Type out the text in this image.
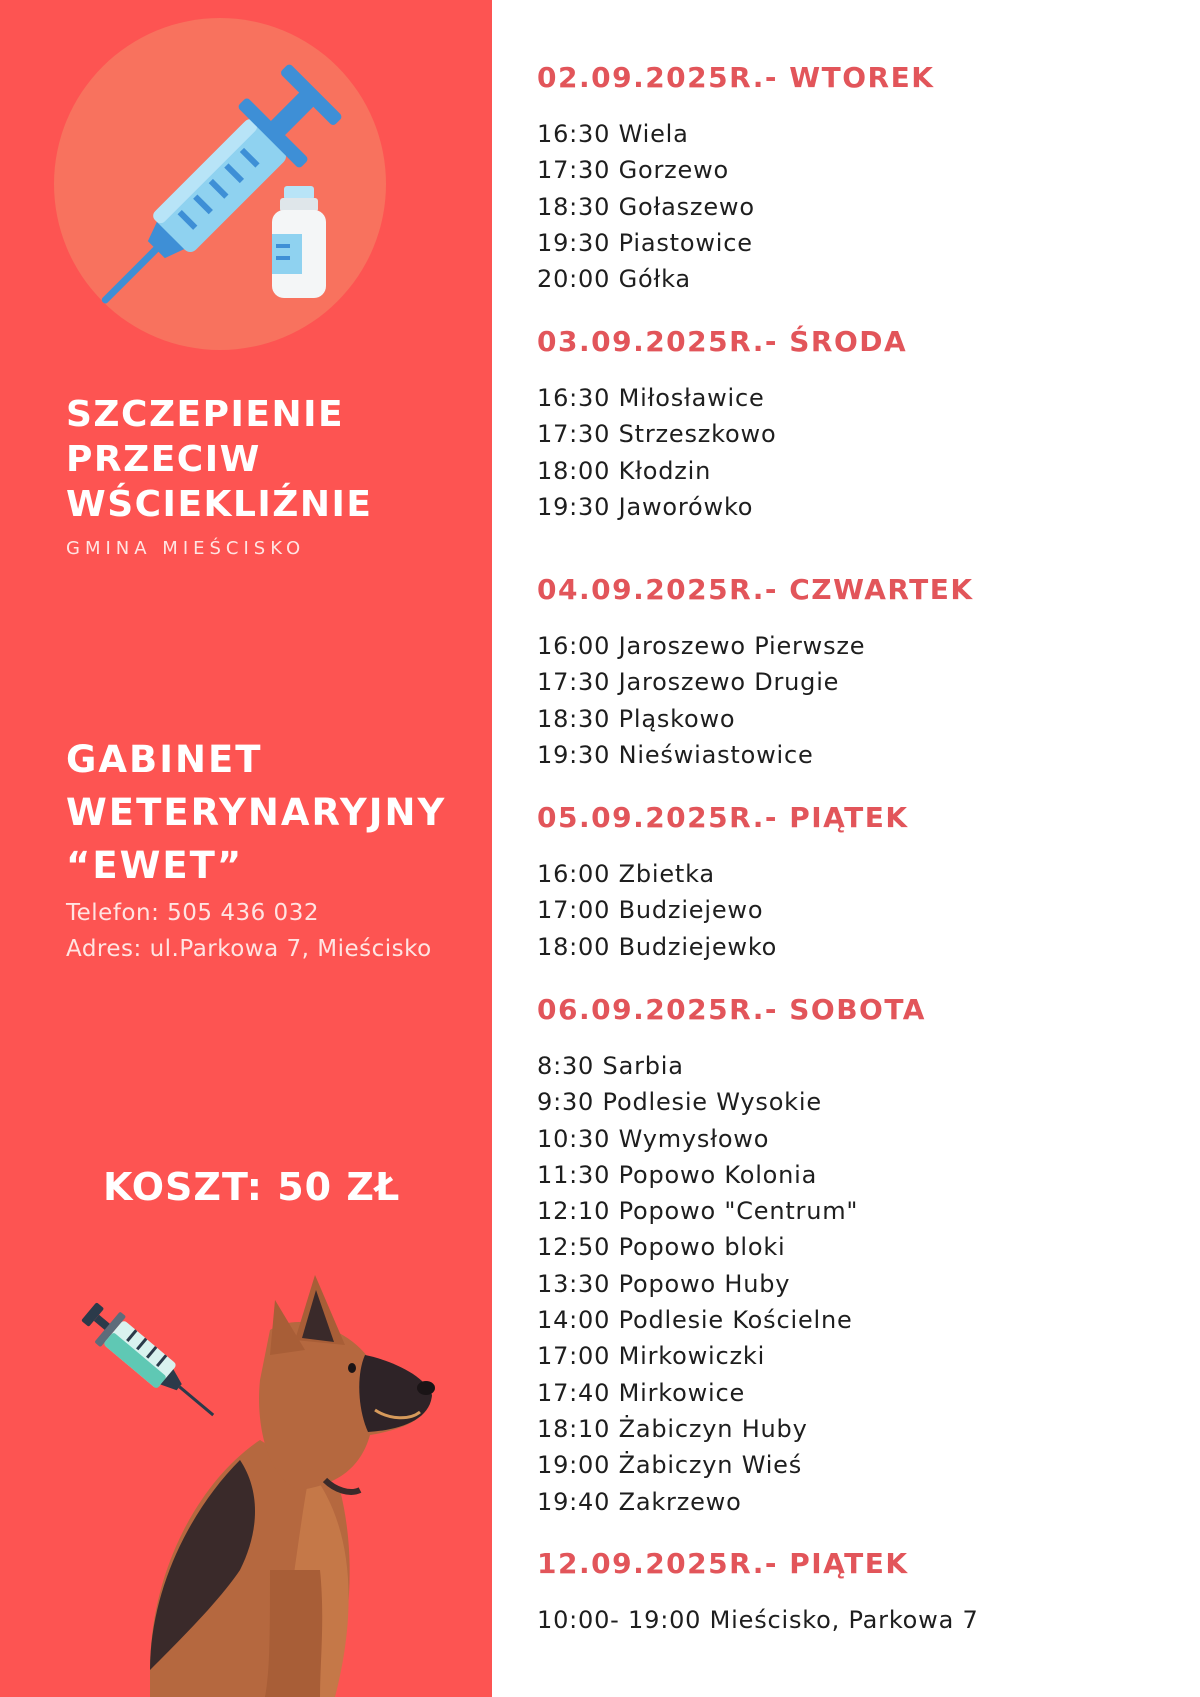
SZCZEPIENIE
PRZECIW
WŚCIEKLIŹNIE
GMINA MIEŚCISKO
GABINET
WETERYNARYJNY
“EWET”
Telefon: 505 436 032
Adres: ul.Parkowa 7, Mieścisko
KOSZT: 50 ZŁ
02.09.2025R.- WTOREK
16:30 Wiela
17:30 Gorzewo
18:30 Gołaszewo
19:30 Piastowice
20:00 Gółka
03.09.2025R.- ŚRODA
16:30 Miłosławice
17:30 Strzeszkowo
18:00 Kłodzin
19:30 Jaworówko
04.09.2025R.- CZWARTEK
16:00 Jaroszewo Pierwsze
17:30 Jaroszewo Drugie
18:30 Pląskowo
19:30 Nieświastowice
05.09.2025R.- PIĄTEK
16:00 Zbietka
17:00 Budziejewo
18:00 Budziejewko
06.09.2025R.- SOBOTA
8:30 Sarbia
9:30 Podlesie Wysokie
10:30 Wymysłowo
11:30 Popowo Kolonia
12:10 Popowo "Centrum"
12:50 Popowo bloki
13:30 Popowo Huby
14:00 Podlesie Kościelne
17:00 Mirkowiczki
17:40 Mirkowice
18:10 Żabiczyn Huby
19:00 Żabiczyn Wieś
19:40 Zakrzewo
12.09.2025R.- PIĄTEK
10:00- 19:00 Mieścisko, Parkowa 7
